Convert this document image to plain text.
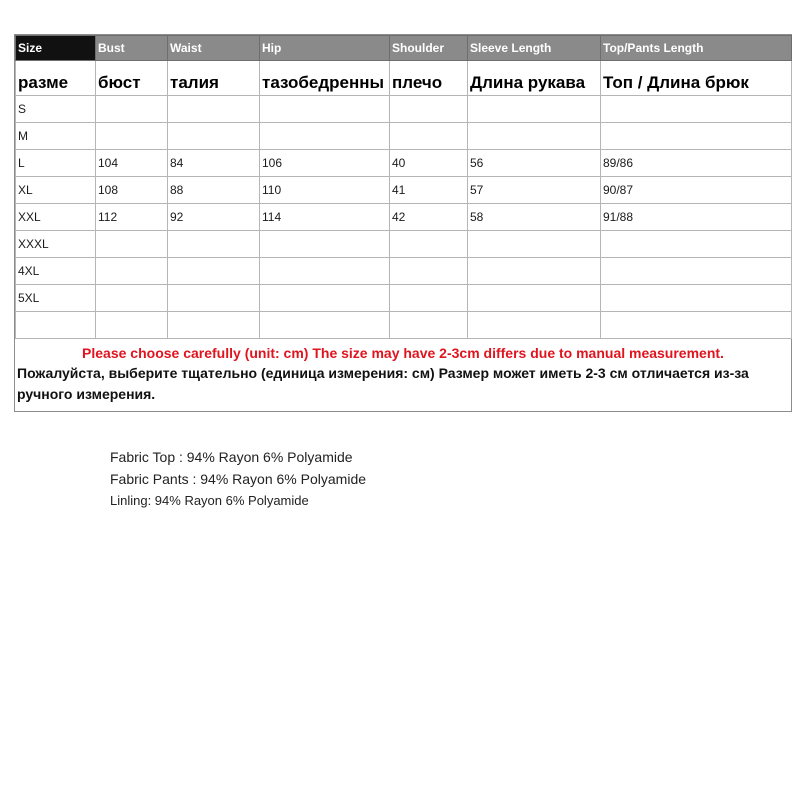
Size	Bust	Waist	Hip	Shoulder	Sleeve Length	Top/Pants Length
разме	бюст	талия	тазобедренны	плечо	Длина рукава	Топ / Длина брюк
S						
M						
L	104	84	106	40	56	89/86
XL	108	88	110	41	57	90/87
XXL	112	92	114	42	58	91/88
XXXL						
4XL						
5XL						

Please choose carefully (unit: cm) The size may have 2-3cm differs due to manual measurement.
Пожалуйста, выберите тщательно (единица измерения: см) Размер может иметь 2-3 см отличается из-за ручного измерения.
Fabric Top : 94% Rayon 6% Polyamide
Fabric Pants : 94% Rayon 6% Polyamide
Linling: 94% Rayon 6% Polyamide
